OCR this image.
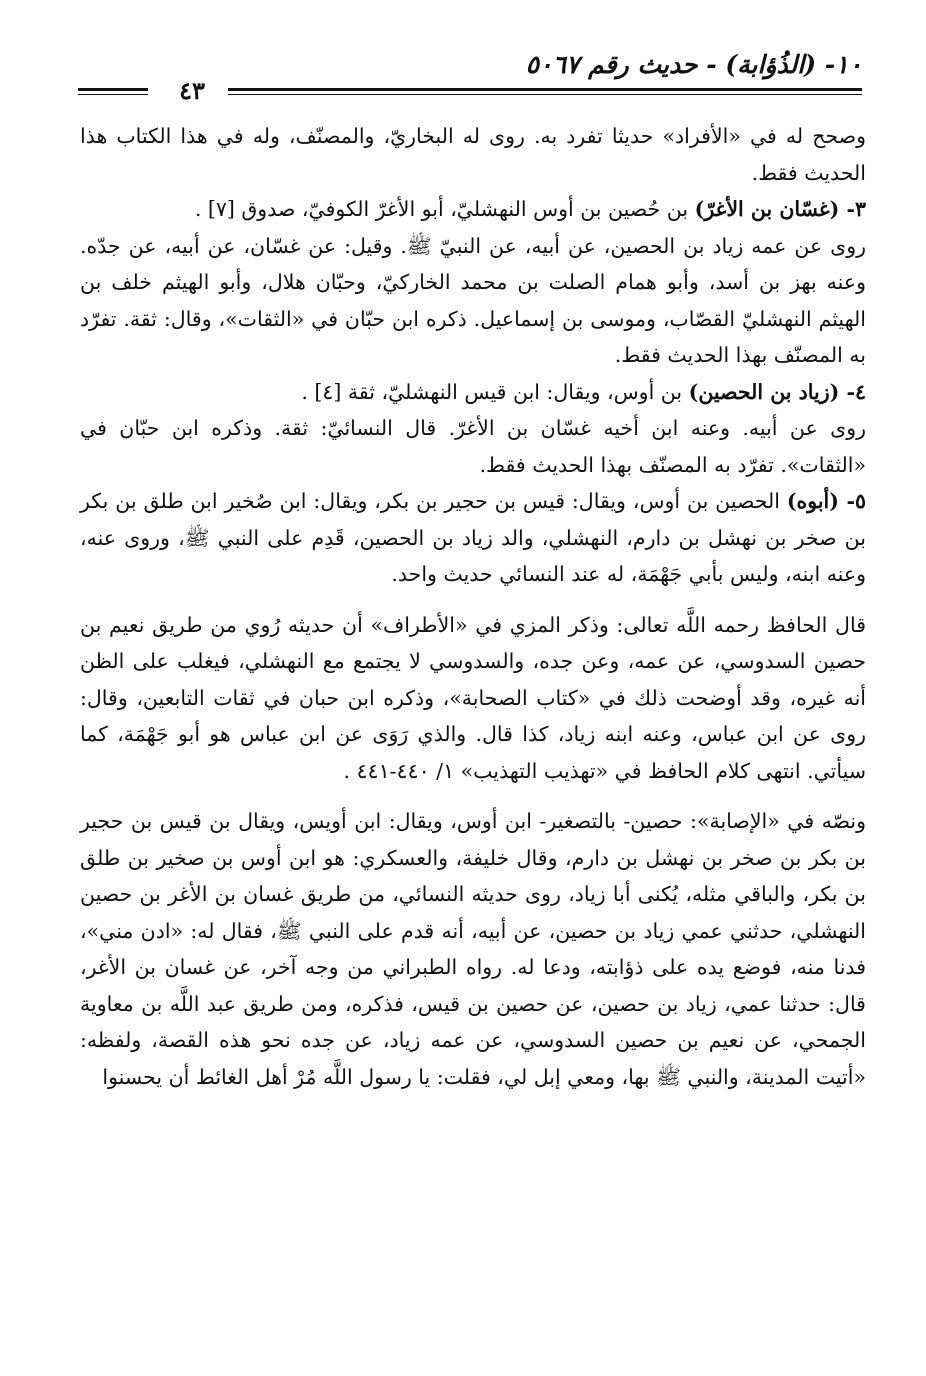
١٠- (الذُؤابة) - حديث رقم ٥٠٦٧
٤٣

وصحح له في «الأفراد» حديثا تفرد به. روى له البخاريّ، والمصنّف، وله في هذا الكتاب هذا الحديث فقط.

٣- (غسّان بن الأغرّ) بن حُصين بن أوس النهشليّ، أبو الأغرّ الكوفيّ، صدوق [٧] .

روى عن عمه زياد بن الحصين، عن أبيه، عن النبيّ ﷺ. وقيل: عن غسّان، عن أبيه، عن جدّه. وعنه بهز بن أسد، وأبو همام الصلت بن محمد الخاركيّ، وحبّان هلال، وأبو الهيثم خلف بن الهيثم النهشليّ القصّاب، وموسى بن إسماعيل. ذكره ابن حبّان في «الثقات»، وقال: ثقة. تفرّد به المصنّف بهذا الحديث فقط.

٤- (زياد بن الحصين) بن أوس، ويقال: ابن قيس النهشليّ، ثقة [٤] .

روى عن أبيه. وعنه ابن أخيه غسّان بن الأغرّ. قال النسائيّ: ثقة. وذكره ابن حبّان في «الثقات». تفرّد به المصنّف بهذا الحديث فقط.

٥- (أبوه) الحصين بن أوس، ويقال: قيس بن حجير بن بكر، ويقال: ابن صُخير ابن طلق بن بكر بن صخر بن نهشل بن دارم، النهشلي، والد زياد بن الحصين، قَدِم على النبي ﷺ، وروى عنه، وعنه ابنه، وليس بأبي جَهْمَة، له عند النسائي حديث واحد.

قال الحافظ رحمه اللَّه تعالى: وذكر المزي في «الأطراف» أن حديثه رُوي من طريق نعيم بن حصين السدوسي، عن عمه، وعن جده، والسدوسي لا يجتمع مع النهشلي، فيغلب على الظن أنه غيره، وقد أوضحت ذلك في «كتاب الصحابة»، وذكره ابن حبان في ثقات التابعين، وقال: روى عن ابن عباس، وعنه ابنه زياد، كذا قال. والذي رَوَى عن ابن عباس هو أبو جَهْمَة، كما سيأتي. انتهى كلام الحافظ في «تهذيب التهذيب» ١/ ٤٤٠-٤٤١ .

ونصّه في «الإصابة»: حصين- بالتصغير- ابن أوس، ويقال: ابن أويس، ويقال بن قيس بن حجير بن بكر بن صخر بن نهشل بن دارم، وقال خليفة، والعسكري: هو ابن أوس بن صخير بن طلق بن بكر، والباقي مثله، يُكنى أبا زياد، روى حديثه النسائي، من طريق غسان بن الأغر بن حصين النهشلي، حدثني عمي زياد بن حصين، عن أبيه، أنه قدم على النبي ﷺ، فقال له: «ادن مني»، فدنا منه، فوضع يده على ذؤابته، ودعا له. رواه الطبراني من وجه آخر، عن غسان بن الأغر، قال: حدثنا عمي، زياد بن حصين، عن حصين بن قيس، فذكره، ومن طريق عبد اللَّه بن معاوية الجمحي، عن نعيم بن حصين السدوسي، عن عمه زياد، عن جده نحو هذه القصة، ولفظه: «أتيت المدينة، والنبي ﷺ بها، ومعي إبل لي، فقلت: يا رسول اللَّه مُرْ أهل الغائط أن يحسنوا
